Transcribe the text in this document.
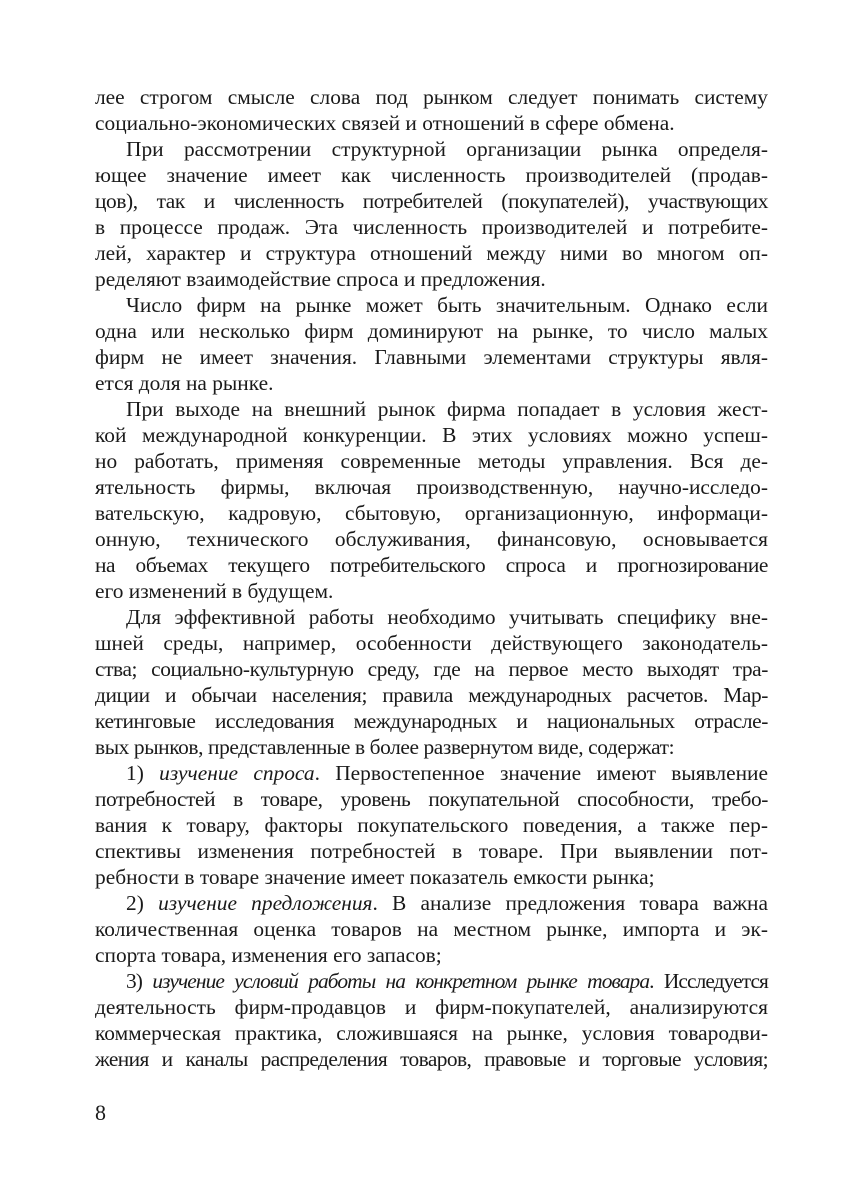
лее строгом смысле слова под рынком следует понимать систему
социально-экономических связей и отношений в сфере обмена.
При рассмотрении структурной организации рынка определя-
ющее значение имеет как численность производителей (продав-
цов), так и численность потребителей (покупателей), участвующих
в процессе продаж. Эта численность производителей и потребите-
лей, характер и структура отношений между ними во многом оп-
ределяют взаимодействие спроса и предложения.
Число фирм на рынке может быть значительным. Однако если
одна или несколько фирм доминируют на рынке, то число малых
фирм не имеет значения. Главными элементами структуры явля-
ется доля на рынке.
При выходе на внешний рынок фирма попадает в условия жест-
кой международной конкуренции. В этих условиях можно успеш-
но работать, применяя современные методы управления. Вся де-
ятельность фирмы, включая производственную, научно-исследо-
вательскую, кадровую, сбытовую, организационную, информаци-
онную, технического обслуживания, финансовую, основывается
на объемах текущего потребительского спроса и прогнозирование
его изменений в будущем.
Для эффективной работы необходимо учитывать специфику вне-
шней среды, например, особенности действующего законодатель-
ства; социально-культурную среду, где на первое место выходят тра-
диции и обычаи населения; правила международных расчетов. Мар-
кетинговые исследования международных и национальных отрасле-
вых рынков, представленные в более развернутом виде, содержат:
1) изучение спроса. Первостепенное значение имеют выявление
потребностей в товаре, уровень покупательной способности, требо-
вания к товару, факторы покупательского поведения, а также пер-
спективы изменения потребностей в товаре. При выявлении пот-
ребности в товаре значение имеет показатель емкости рынка;
2) изучение предложения. В анализе предложения товара важна
количественная оценка товаров на местном рынке, импорта и эк-
спорта товара, изменения его запасов;
3) изучение условий работы на конкретном рынке товара. Исследуется
деятельность фирм-продавцов и фирм-покупателей, анализируются
коммерческая практика, сложившаяся на рынке, условия товародви-
жения и каналы распределения товаров, правовые и торговые условия;
8
